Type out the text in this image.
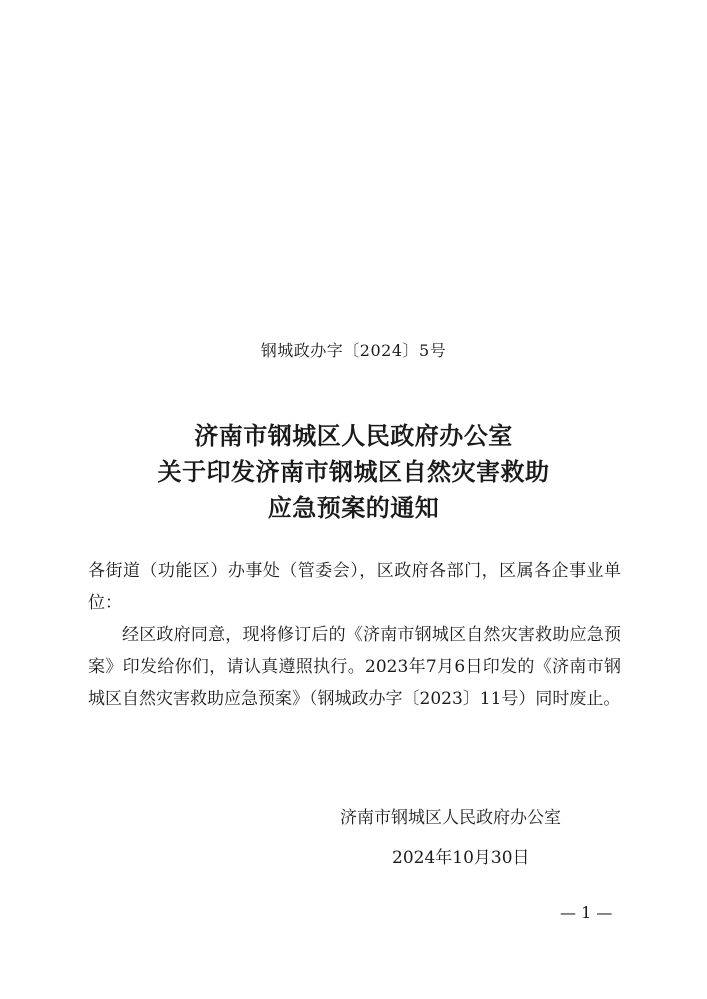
钢城政办字〔2024〕5号
济南市钢城区人民政府办公室
关于印发济南市钢城区自然灾害救助
应急预案的通知
各街道（功能区）办事处（管委会），区政府各部门，区属各企事业单位：
经区政府同意，现将修订后的《济南市钢城区自然灾害救助应急预案》印发给你们，请认真遵照执行。2023年7月6日印发的《济南市钢城区自然灾害救助应急预案》（钢城政办字〔2023〕11号）同时废止。
济南市钢城区人民政府办公室
2024年10月30日
— 1 —
